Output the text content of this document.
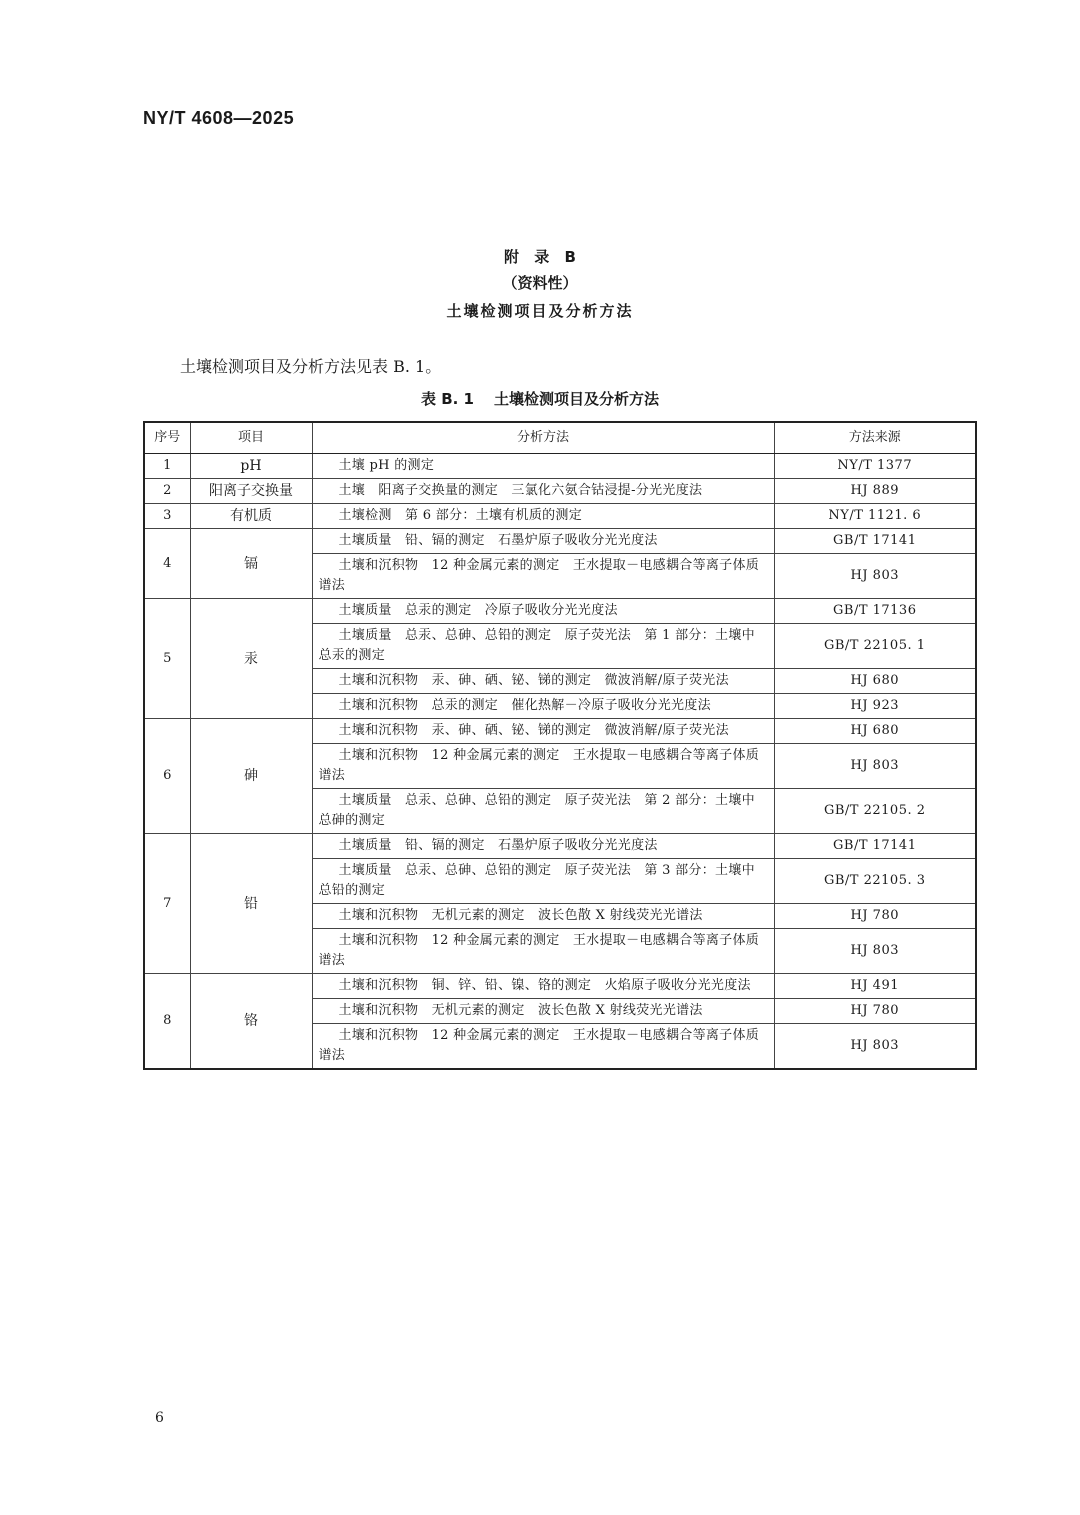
NY/T 4608—2025
附 录 B
（资料性）
土壤检测项目及分析方法
土壤检测项目及分析方法见表 B. 1。
表 B. 1 土壤检测项目及分析方法
序号	项目	分析方法	方法来源
1	pH	土壤 pH 的测定	NY/T 1377
2	阳离子交换量	土壤　阳离子交换量的测定　三氯化六氨合钴浸提-分光光度法	HJ 889
3	有机质	土壤检测　第 6 部分：土壤有机质的测定	NY/T 1121. 6
4	镉	土壤质量　铅、镉的测定　石墨炉原子吸收分光光度法	GB/T 17141
		土壤和沉积物　12 种金属元素的测定　王水提取－电感耦合等离子体质谱法	HJ 803
5	汞	土壤质量　总汞的测定　冷原子吸收分光光度法	GB/T 17136
		土壤质量　总汞、总砷、总铅的测定　原子荧光法　第 1 部分：土壤中总汞的测定	GB/T 22105. 1
		土壤和沉积物　汞、砷、硒、铋、锑的测定　微波消解/原子荧光法	HJ 680
		土壤和沉积物　总汞的测定　催化热解－冷原子吸收分光光度法	HJ 923
6	砷	土壤和沉积物　汞、砷、硒、铋、锑的测定　微波消解/原子荧光法	HJ 680
		土壤和沉积物　12 种金属元素的测定　王水提取－电感耦合等离子体质谱法	HJ 803
		土壤质量　总汞、总砷、总铅的测定　原子荧光法　第 2 部分：土壤中总砷的测定	GB/T 22105. 2
7	铅	土壤质量　铅、镉的测定　石墨炉原子吸收分光光度法	GB/T 17141
		土壤质量　总汞、总砷、总铅的测定　原子荧光法　第 3 部分：土壤中总铅的测定	GB/T 22105. 3
		土壤和沉积物　无机元素的测定　波长色散 X 射线荧光光谱法	HJ 780
		土壤和沉积物　12 种金属元素的测定　王水提取－电感耦合等离子体质谱法	HJ 803
8	铬	土壤和沉积物　铜、锌、铅、镍、铬的测定　火焰原子吸收分光光度法	HJ 491
		土壤和沉积物　无机元素的测定　波长色散 X 射线荧光光谱法	HJ 780
		土壤和沉积物　12 种金属元素的测定　王水提取－电感耦合等离子体质谱法	HJ 803
6
